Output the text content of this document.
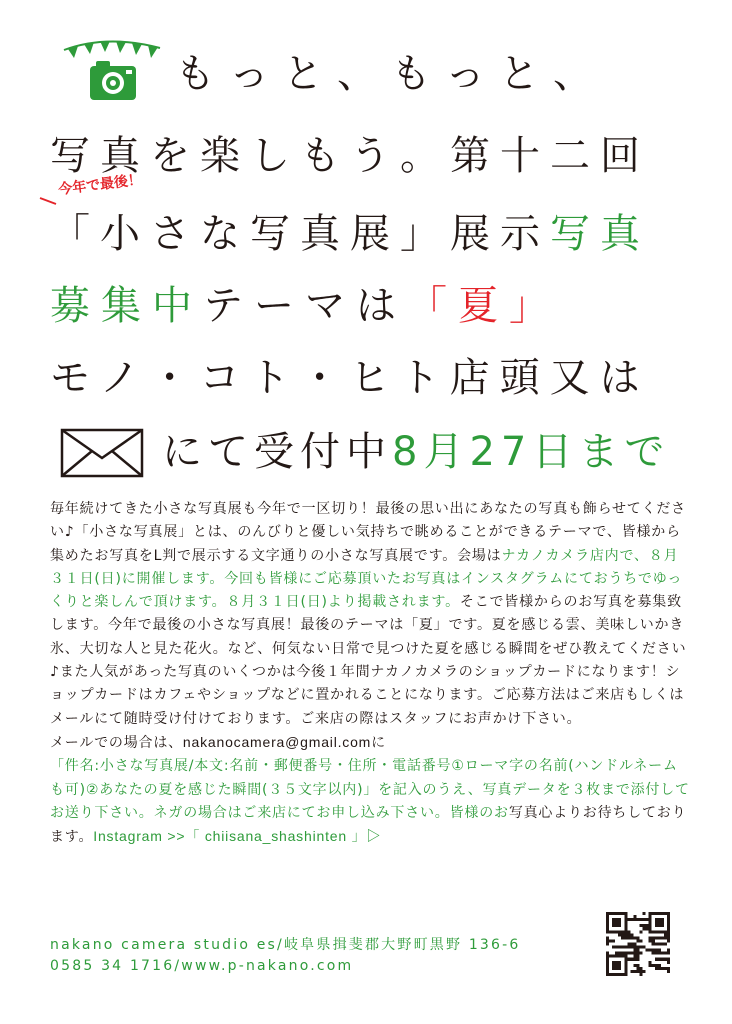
もっと、もっと、
写真を楽しもう。第十二回
今年で最後！
「小さな写真展」展示写真
募集中テーマは「夏」
モノ・コト・ヒト店頭又は
にて受付中8月27日まで

毎年続けてきた小さな写真展も今年で一区切り！最後の思い出にあなたの写真も飾らせてください♪「小さな写真展」とは、のんびりと優しい気持ちで眺めることができるテーマで、皆様から集めたお写真をL判で展示する文字通りの小さな写真展です。会場はナカノカメラ店内で、８月３１日(日)に開催します。今回も皆様にご応募頂いたお写真はインスタグラムにておうちでゆっくりと楽しんで頂けます。８月３１日(日)より掲載されます。そこで皆様からのお写真を募集致します。今年で最後の小さな写真展！最後のテーマは「夏」です。夏を感じる雲、美味しいかき氷、大切な人と見た花火。など、何気ない日常で見つけた夏を感じる瞬間をぜひ教えてください♪また人気があった写真のいくつかは今後１年間ナカノカメラのショップカードになります！ショップカードはカフェやショップなどに置かれることになります。ご応募方法はご来店もしくはメールにて随時受け付けております。ご来店の際はスタッフにお声かけ下さい。

メールでの場合は、nakanocamera@gmail.comに

「件名:小さな写真展/本文:名前・郵便番号・住所・電話番号①ローマ字の名前(ハンドルネームも可)②あなたの夏を感じた瞬間(３５文字以内)」を記入のうえ、写真データを３枚まで添付してお送り下さい。ネガの場合はご来店にてお申し込み下さい。皆様のお写真心よりお待ちしております。Instagram >>「 chiisana_shashinten 」▷

nakano camera studio es/岐阜県揖斐郡大野町黒野 136-6
0585 34 1716/www.p-nakano.com
